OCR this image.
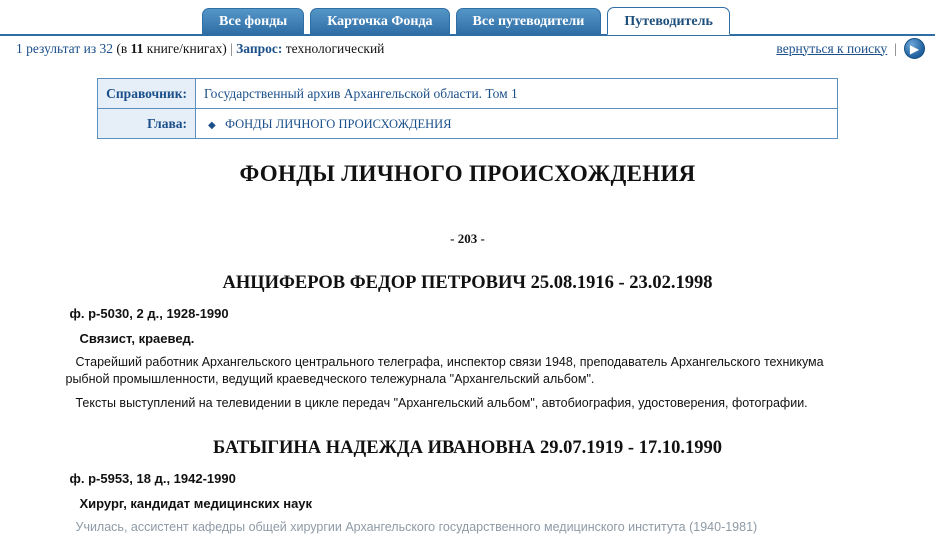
Все фонды	Карточка Фонда	Все путеводители	Путеводитель
1 результат из 32 (в 11 книге/книгах) | Запрос: технологический	вернуться к поиску |	▶
Справочник:	Государственный архив Архангельской области. Том 1
Глава:	◆ ФОНДЫ ЛИЧНОГО ПРОИСХОЖДЕНИЯ
ФОНДЫ ЛИЧНОГО ПРОИСХОЖДЕНИЯ
- 203 -
АНЦИФЕРОВ ФЕДОР ПЕТРОВИЧ 25.08.1916 - 23.02.1998
ф. р-5030, 2 д., 1928-1990
Связист, краевед.
Старейший работник Архангельского центрального телеграфа, инспектор связи 1948, преподаватель Архангельского техникума рыбной промышленности, ведущий краеведческого тележурнала "Архангельский альбом".
Тексты выступлений на телевидении в цикле передач "Архангельский альбом", автобиография, удостоверения, фотографии.
БАТЫГИНА НАДЕЖДА ИВАНОВНА 29.07.1919 - 17.10.1990
ф. р-5953, 18 д., 1942-1990
Хирург, кандидат медицинских наук
Училась, ассистент кафедры общей хирургии Архангельского государственного медицинского института (1940-1981)
